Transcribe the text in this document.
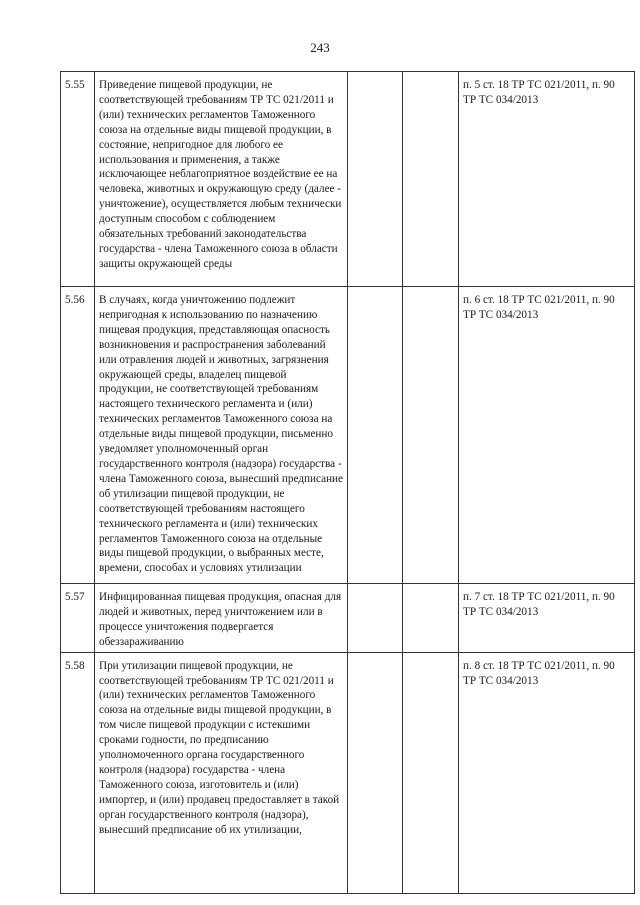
243
5.55	Приведение пищевой продукции, не соответствующей требованиям ТР ТС 021/2011 и (или) технических регламентов Таможенного союза на отдельные виды пищевой продукции, в состояние, непригодное для любого ее использования и применения, а также исключающее неблагоприятное воздействие ее на человека, животных и окружающую среду (далее - уничтожение), осуществляется любым технически доступным способом с соблюдением обязательных требований законодательства государства - члена Таможенного союза в области защиты окружающей среды			п. 5 ст. 18 ТР ТС 021/2011, п. 90 ТР ТС 034/2013
5.56	В случаях, когда уничтожению подлежит непригодная к использованию по назначению пищевая продукция, представляющая опасность возникновения и распространения заболеваний или отравления людей и животных, загрязнения окружающей среды, владелец пищевой продукции, не соответствующей требованиям настоящего технического регламента и (или) технических регламентов Таможенного союза на отдельные виды пищевой продукции, письменно уведомляет уполномоченный орган государственного контроля (надзора) государства - члена Таможенного союза, вынесший предписание об утилизации пищевой продукции, не соответствующей требованиям настоящего технического регламента и (или) технических регламентов Таможенного союза на отдельные виды пищевой продукции, о выбранных месте, времени, способах и условиях утилизации			п. 6 ст. 18 ТР ТС 021/2011, п. 90 ТР ТС 034/2013
5.57	Инфицированная пищевая продукция, опасная для людей и животных, перед уничтожением или в процессе уничтожения подвергается обеззараживанию			п. 7 ст. 18 ТР ТС 021/2011, п. 90 ТР ТС 034/2013
5.58	При утилизации пищевой продукции, не соответствующей требованиям ТР ТС 021/2011 и (или) технических регламентов Таможенного союза на отдельные виды пищевой продукции, в том числе пищевой продукции с истекшими сроками годности, по предписанию уполномоченного органа государственного контроля (надзора) государства - члена Таможенного союза, изготовитель и (или) импортер, и (или) продавец предоставляет в такой орган государственного контроля (надзора), вынесший предписание об их утилизации,			п. 8 ст. 18 ТР ТС 021/2011, п. 90 ТР ТС 034/2013
